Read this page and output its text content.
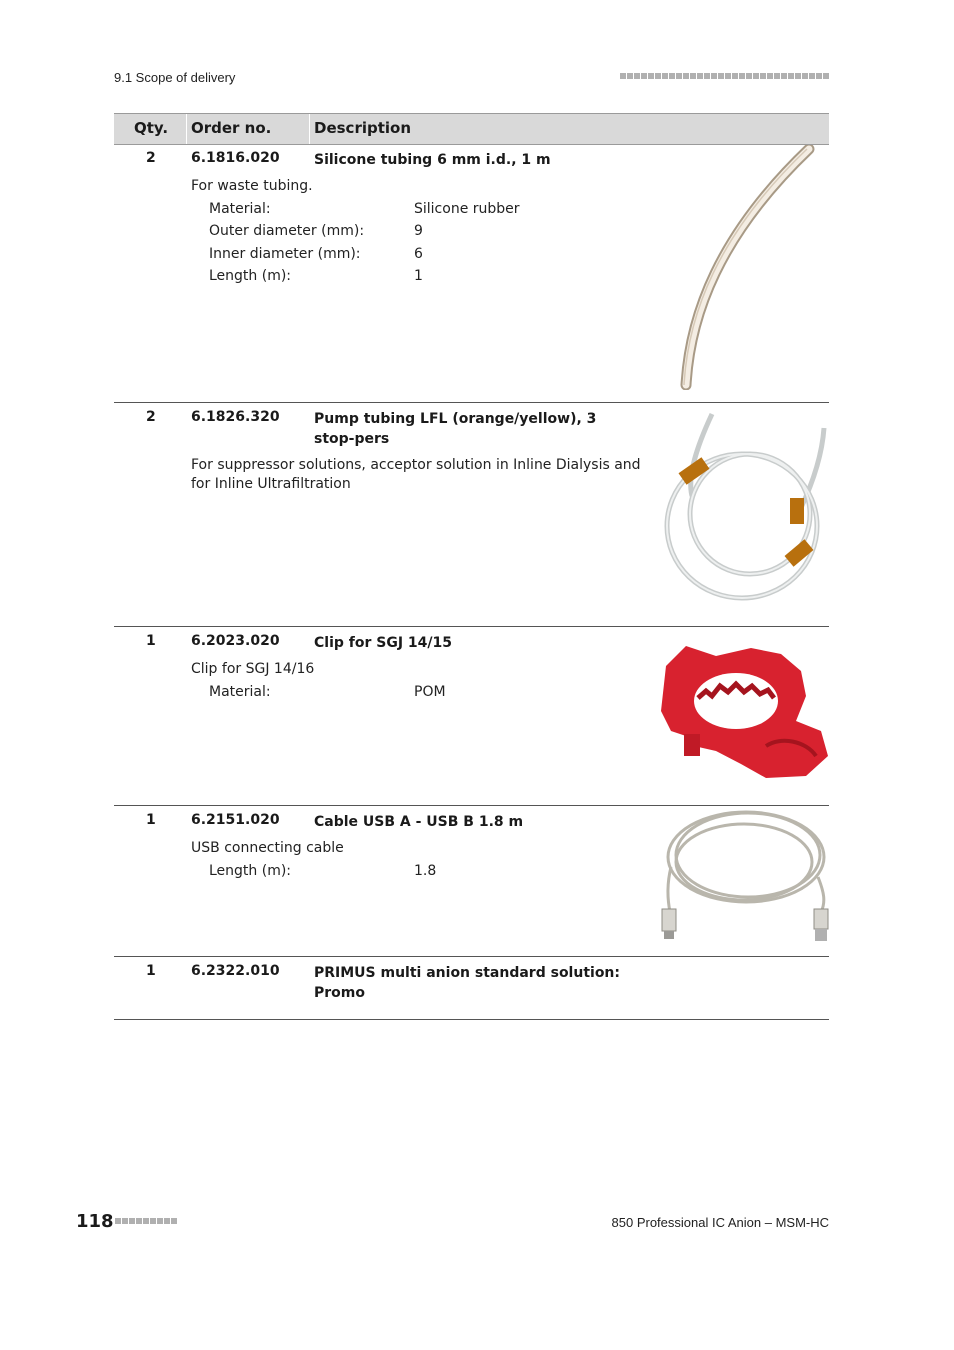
9.1 Scope of delivery
Qty. Order no.	Description
2	6.1816.020 Silicone tubing 6 mm i.d., 1 m
For waste tubing.
Material:	Silicone rubber
Outer diameter (mm):	9
Inner diameter (mm):	6
Length (m):	1
2	6.1826.320 Pump tubing LFL (orange/yellow), 3 stop-pers
For suppressor solutions, acceptor solution in Inline Dialysis and for Inline Ultrafiltration
1	6.2023.020 Clip for SGJ 14/15
Clip for SGJ 14/16
Material:	POM
1	6.2151.020 Cable USB A - USB B 1.8 m
USB connecting cable
Length (m):	1.8
1	6.2322.010 PRIMUS multi anion standard solution: Promo
118	850 Professional IC Anion – MSM-HC
